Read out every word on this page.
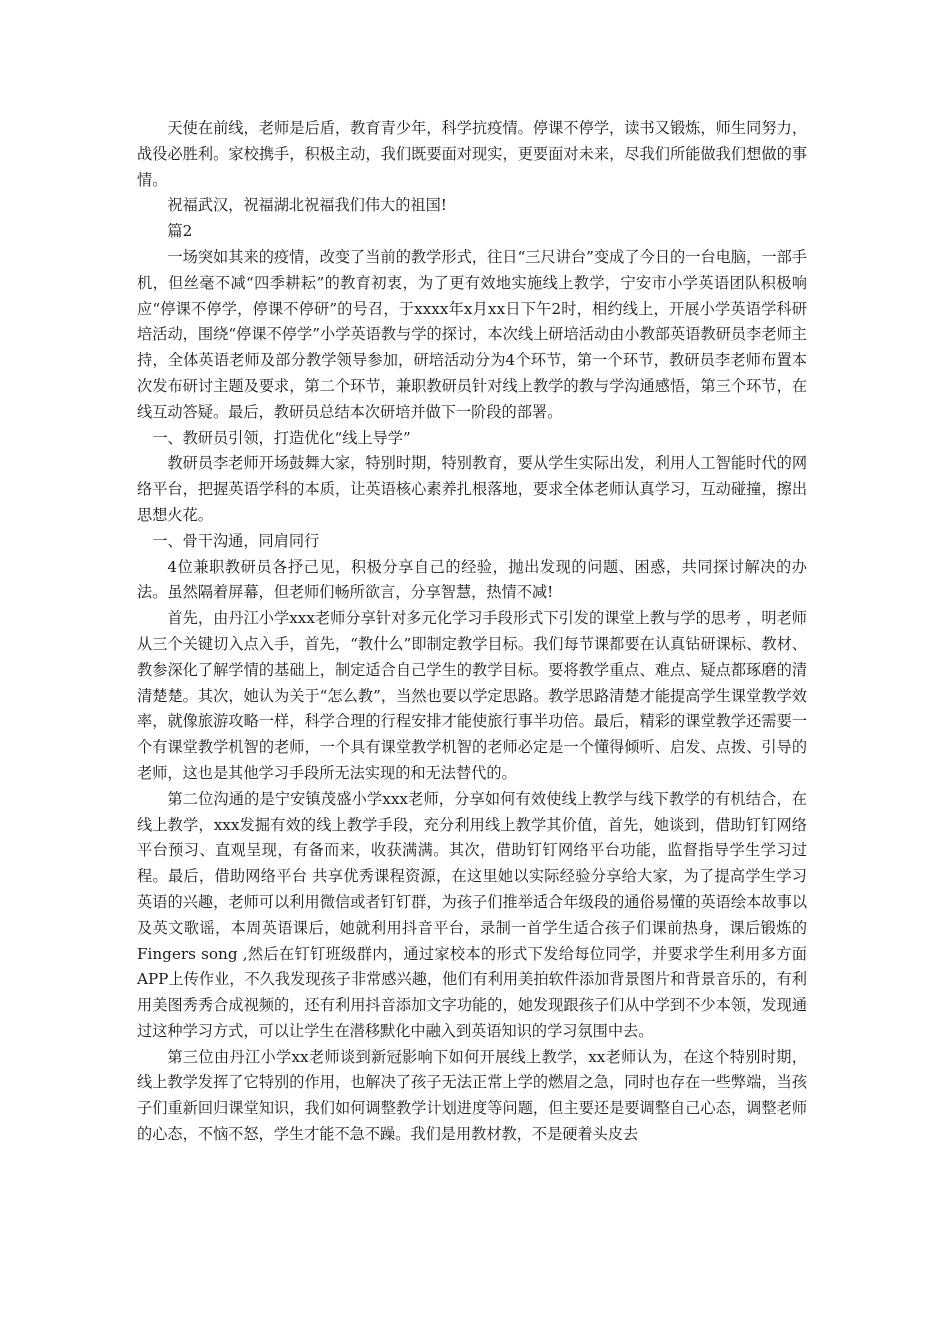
天使在前线，老师是后盾，教育青少年，科学抗疫情。停课不停学，读书又锻炼，师生同努力，战役必胜利。家校携手，积极主动，我们既要面对现实，更要面对未来，尽我们所能做我们想做的事情。

祝福武汉，祝福湖北祝福我们伟大的祖国!

篇2

一场突如其来的疫情，改变了当前的教学形式，往日“三尺讲台”变成了今日的一台电脑，一部手机，但丝毫不减“四季耕耘”的教育初衷，为了更有效地实施线上教学，宁安市小学英语团队积极响应“停课不停学，停课不停研”的号召，于xxxx年x月xx日下午2时，相约线上，开展小学英语学科研培活动，围绕“停课不停学”小学英语教与学的探讨，本次线上研培活动由小教部英语教研员李老师主持，全体英语老师及部分教学领导参加，研培活动分为4个环节，第一个环节，教研员李老师布置本次发布研讨主题及要求，第二个环节，兼职教研员针对线上教学的教与学沟通感悟，第三个环节，在线互动答疑。最后，教研员总结本次研培并做下一阶段的部署。

一、教研员引领，打造优化“线上导学”

教研员李老师开场鼓舞大家，特别时期，特别教育，要从学生实际出发，利用人工智能时代的网络平台，把握英语学科的本质，让英语核心素养扎根落地，要求全体老师认真学习，互动碰撞，擦出思想火花。

一、骨干沟通，同肩同行

4位兼职教研员各抒己见，积极分享自己的经验，抛出发现的问题、困惑，共同探讨解决的办法。虽然隔着屏幕，但老师们畅所欲言，分享智慧，热情不减!

首先，由丹江小学xxx老师分享针对多元化学习手段形式下引发的课堂上教与学的思考 ，明老师从三个关键切入点入手，首先，“教什么”即制定教学目标。我们每节课都要在认真钻研课标、教材、教参深化了解学情的基础上，制定适合自己学生的教学目标。要将教学重点、难点、疑点都琢磨的清清楚楚。其次，她认为关于“怎么教”，当然也要以学定思路。教学思路清楚才能提高学生课堂教学效率，就像旅游攻略一样，科学合理的行程安排才能使旅行事半功倍。最后，精彩的课堂教学还需要一个有课堂教学机智的老师，一个具有课堂教学机智的老师必定是一个懂得倾听、启发、点拨、引导的老师，这也是其他学习手段所无法实现的和无法替代的。

第二位沟通的是宁安镇茂盛小学xxx老师，分享如何有效使线上教学与线下教学的有机结合，在线上教学，xxx发掘有效的线上教学手段，充分利用线上教学其价值，首先，她谈到，借助钉钉网络平台预习、直观呈现，有备而来，收获满满。其次，借助钉钉网络平台功能，监督指导学生学习过程。最后，借助网络平台 共享优秀课程资源，在这里她以实际经验分享给大家，为了提高学生学习英语的兴趣，老师可以利用微信或者钉钉群，为孩子们推举适合年级段的通俗易懂的英语绘本故事以及英文歌谣，本周英语课后，她就利用抖音平台，录制一首学生适合孩子们课前热身，课后锻炼的Fingers song ,然后在钉钉班级群内，通过家校本的形式下发给每位同学，并要求学生利用多方面APP上传作业，不久我发现孩子非常感兴趣，他们有利用美拍软件添加背景图片和背景音乐的，有利用美图秀秀合成视频的，还有利用抖音添加文字功能的，她发现跟孩子们从中学到不少本领，发现通过这种学习方式，可以让学生在潜移默化中融入到英语知识的学习氛围中去。

第三位由丹江小学xx老师谈到新冠影响下如何开展线上教学，xx老师认为，在这个特别时期，线上教学发挥了它特别的作用，也解决了孩子无法正常上学的燃眉之急，同时也存在一些弊端，当孩子们重新回归课堂知识，我们如何调整教学计划进度等问题，但主要还是要调整自己心态，调整老师的心态，不恼不怒，学生才能不急不躁。我们是用教材教，不是硬着头皮去
